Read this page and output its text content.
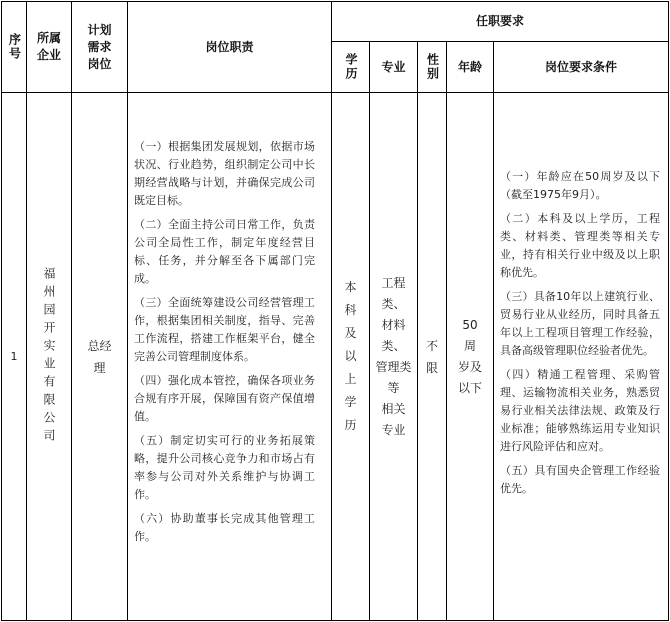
序号 所属企业
计划需求岗位
岗位职责
任职要求
学历 专业 性别 年龄	岗位要求条件
1 福州园开实业有限公司	总经理

（一）根据集团发展规划，依据市场状况、行业趋势，组织制定公司中长期经营战略与计划，并确保完成公司既定目标。

（二）全面主持公司日常工作，负责公司全局性工作，制定年度经营目标、任务，并分解至各下属部门完成。

（三）全面统筹建设公司经营管理工作，根据集团相关制度，指导、完善工作流程，搭建工作框架平台，健全完善公司管理制度体系。

（四）强化成本管控，确保各项业务合规有序开展，保障国有资产保值增值。

（五）制定切实可行的业务拓展策略，提升公司核心竞争力和市场占有率参与公司对外关系维护与协调工作。

（六）协助董事长完成其他管理工作。

本科及以上学历
工程类、
材料类、
管理类等
相关
专业
不限
50
周
岁及
以下

（一）年龄应在50周岁及以下（截至1975年9月）。

（二）本科及以上学历，工程类、材料类、管理类等相关专业，持有相关行业中级及以上职称优先。

（三）具备10年以上建筑行业、贸易行业从业经历，同时具备五年以上工程项目管理工作经验，具备高级管理职位经验者优先。

（四）精通工程管理、采购管理、运输物流相关业务，熟悉贸易行业相关法律法规、政策及行业标准；能够熟练运用专业知识进行风险评估和应对。

（五）具有国央企管理工作经验优先。
